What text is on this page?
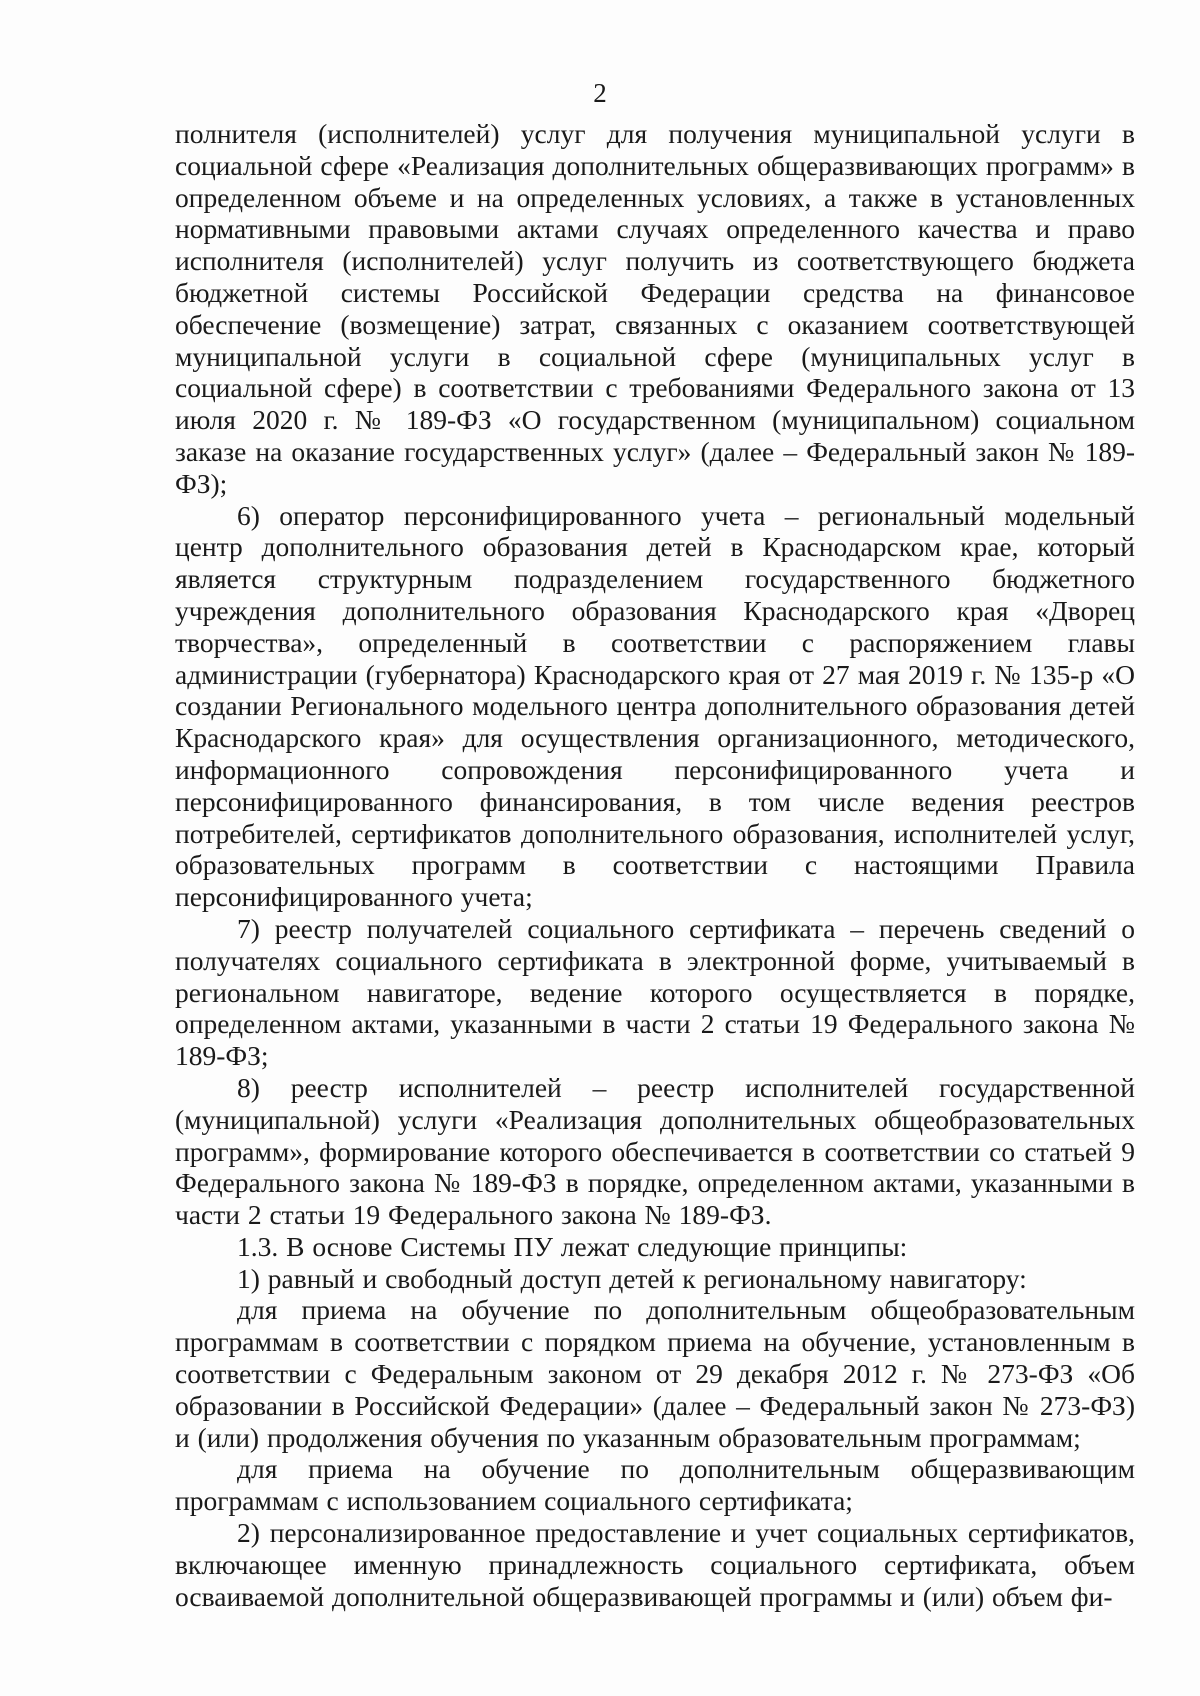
2

полнителя (исполнителей) услуг для получения муниципальной услуги в социальной сфере «Реализация дополнительных общеразвивающих программ» в определенном объеме и на определенных условиях, а также в установленных нормативными правовыми актами случаях определенного качества и право исполнителя (исполнителей) услуг получить из соответствующего бюджета бюджетной системы Российской Федерации средства на финансовое обеспечение (возмещение) затрат, связанных с оказанием соответствующей муниципальной услуги в социальной сфере (муниципальных услуг в социальной сфере) в соответствии с требованиями Федерального закона от 13 июля 2020 г. № 189-ФЗ «О государственном (муниципальном) социальном заказе на оказание государственных услуг» (далее – Федеральный закон № 189-ФЗ);

6) оператор персонифицированного учета – региональный модельный центр дополнительного образования детей в Краснодарском крае, который является структурным подразделением государственного бюджетного учреждения дополнительного образования Краснодарского края «Дворец творчества», определенный в соответствии с распоряжением главы администрации (губернатора) Краснодарского края от 27 мая 2019 г. № 135-р «О создании Регионального модельного центра дополнительного образования детей Краснодарского края» для осуществления организационного, методического, информационного сопровождения персонифицированного учета и персонифицированного финансирования, в том числе ведения реестров потребителей, сертификатов дополнительного образования, исполнителей услуг, образовательных программ в соответствии с настоящими Правила персонифицированного учета;

7) реестр получателей социального сертификата – перечень сведений о получателях социального сертификата в электронной форме, учитываемый в региональном навигаторе, ведение которого осуществляется в порядке, определенном актами, указанными в части 2 статьи 19 Федерального закона № 189-ФЗ;

8) реестр исполнителей – реестр исполнителей государственной (муниципальной) услуги «Реализация дополнительных общеобразовательных программ», формирование которого обеспечивается в соответствии со статьей 9 Федерального закона № 189-ФЗ в порядке, определенном актами, указанными в части 2 статьи 19 Федерального закона № 189-ФЗ.

1.3. В основе Системы ПУ лежат следующие принципы:

1) равный и свободный доступ детей к региональному навигатору:

для приема на обучение по дополнительным общеобразовательным программам в соответствии с порядком приема на обучение, установленным в соответствии с Федеральным законом от 29 декабря 2012 г. № 273-ФЗ «Об образовании в Российской Федерации» (далее – Федеральный закон № 273-ФЗ) и (или) продолжения обучения по указанным образовательным программам;

для приема на обучение по дополнительным общеразвивающим программам с использованием социального сертификата;

2) персонализированное предоставление и учет социальных сертификатов, включающее именную принадлежность социального сертификата, объем осваиваемой дополнительной общеразвивающей программы и (или) объем фи-
